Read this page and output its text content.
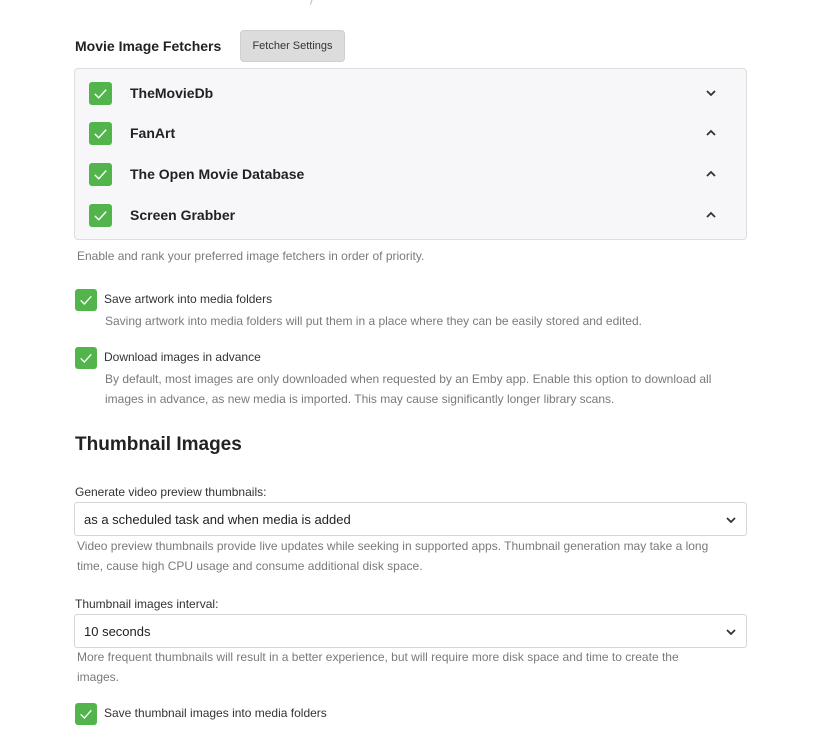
Movie Image Fetchers	Fetcher Settings
TheMovieDb
FanArt
The Open Movie Database
Screen Grabber
Enable and rank your preferred image fetchers in order of priority.
Save artwork into media folders
Saving artwork into media folders will put them in a place where they can be easily stored and edited.
Download images in advance
By default, most images are only downloaded when requested by an Emby app. Enable this option to download all
images in advance, as new media is imported. This may cause significantly longer library scans.
Thumbnail Images
Generate video preview thumbnails:
as a scheduled task and when media is added
Video preview thumbnails provide live updates while seeking in supported apps. Thumbnail generation may take a long
time, cause high CPU usage and consume additional disk space.
Thumbnail images interval:
10 seconds
More frequent thumbnails will result in a better experience, but will require more disk space and time to create the
images.
Save thumbnail images into media folders
